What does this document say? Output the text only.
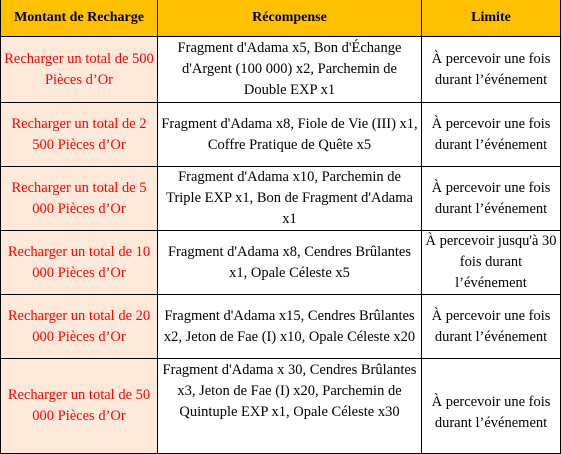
Montant de Recharge	Récompense	Limite
Recharger un total de 500 Pièces d’Or	Fragment d'Adama x5, Bon d'Échange d'Argent (100 000) x2, Parchemin de Double EXP x1	À percevoir une fois durant l’événement
Recharger un total de 2 500 Pièces d’Or	Fragment d'Adama x8, Fiole de Vie (III) x1, Coffre Pratique de Quête x5	À percevoir une fois durant l’événement
Recharger un total de 5 000 Pièces d’Or	Fragment d'Adama x10, Parchemin de Triple EXP x1, Bon de Fragment d'Adama x1	À percevoir une fois durant l’événement
Recharger un total de 10 000 Pièces d’Or	Fragment d'Adama x8, Cendres Brûlantes x1, Opale Céleste x5	À percevoir jusqu'à 30 fois durant l’événement
Recharger un total de 20 000 Pièces d’Or	Fragment d'Adama x15, Cendres Brûlantes x2, Jeton de Fae (I) x10, Opale Céleste x20	À percevoir une fois durant l’événement
Recharger un total de 50 000 Pièces d’Or	Fragment d'Adama x 30, Cendres Brûlantes x3, Jeton de Fae (I) x20, Parchemin de Quintuple EXP x1, Opale Céleste x30	À percevoir une fois durant l’événement
